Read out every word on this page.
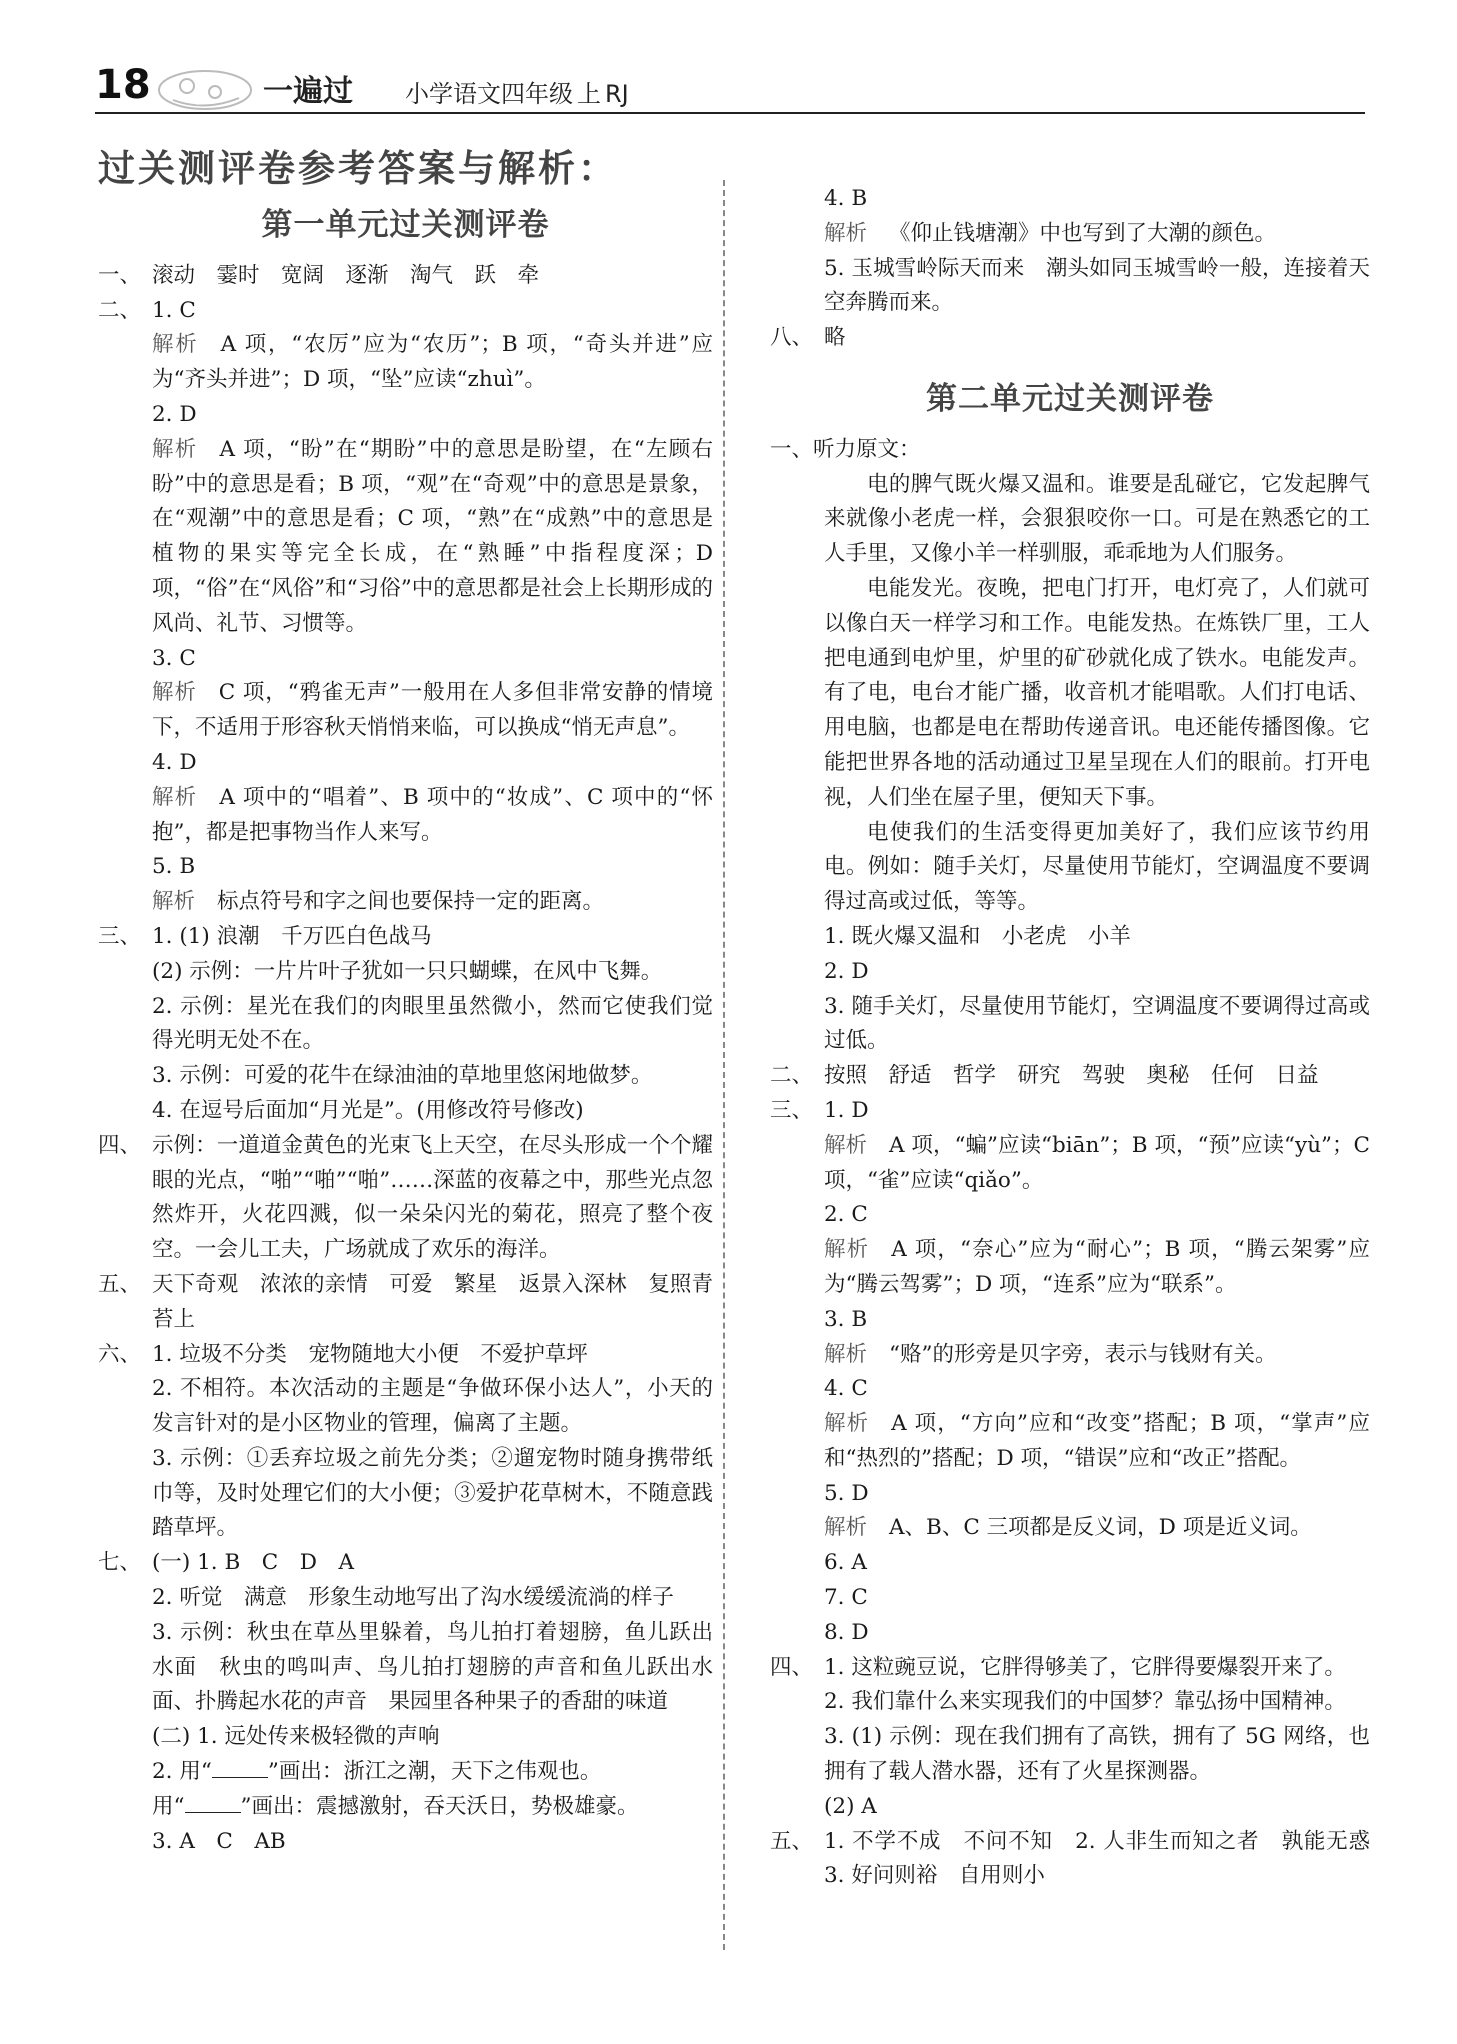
18	一遍过 小学语文四年级 上 RJ
过关测评卷参考答案与解析：
第一单元过关测评卷
一、 滚动　霎时　宽阔　逐渐　淘气　跃　牵
二、 1. C
解析 A 项，“农厉”应为“农历”；B 项，“奇头并进”应为“齐头并进”；D 项，“坠”应读“zhuì”。
2. D
解析 A 项，“盼”在“期盼”中的意思是盼望，在“左顾右盼”中的意思是看；B 项，“观”在“奇观”中的意思是景象，在“观潮”中的意思是看；C 项，“熟”在“成熟”中的意思是植物的果实等完全长成，在“熟睡”中指程度深；D 项，“俗”在“风俗”和“习俗”中的意思都是社会上长期形成的风尚、礼节、习惯等。
3. C
解析 C 项，“鸦雀无声”一般用在人多但非常安静的情境下，不适用于形容秋天悄悄来临，可以换成“悄无声息”。
4. D
解析 A 项中的“唱着”、B 项中的“妆成”、C 项中的“怀抱”，都是把事物当作人来写。
5. B
解析 标点符号和字之间也要保持一定的距离。
三、 1. (1) 浪潮　千万匹白色战马
(2) 示例：一片片叶子犹如一只只蝴蝶，在风中飞舞。
2. 示例：星光在我们的肉眼里虽然微小，然而它使我们觉得光明无处不在。
3. 示例：可爱的花牛在绿油油的草地里悠闲地做梦。
4. 在逗号后面加“月光是”。(用修改符号修改)
四、 示例：一道道金黄色的光束飞上天空，在尽头形成一个个耀眼的光点，“啪”“啪”“啪”……深蓝的夜幕之中，那些光点忽然炸开，火花四溅，似一朵朵闪光的菊花，照亮了整个夜空。一会儿工夫，广场就成了欢乐的海洋。
五、 天下奇观　浓浓的亲情　可爱　繁星　返景入深林　复照青苔上
六、 1. 垃圾不分类　宠物随地大小便　不爱护草坪
2. 不相符。本次活动的主题是“争做环保小达人”，小天的发言针对的是小区物业的管理，偏离了主题。
3. 示例：①丢弃垃圾之前先分类；②遛宠物时随身携带纸巾等，及时处理它们的大小便；③爱护花草树木，不随意践踏草坪。
七、 (一) 1. B　C　D　A
2. 听觉　满意　形象生动地写出了沟水缓缓流淌的样子
3. 示例：秋虫在草丛里躲着，鸟儿拍打着翅膀，鱼儿跃出水面　秋虫的鸣叫声、鸟儿拍打翅膀的声音和鱼儿跃出水面、扑腾起水花的声音　果园里各种果子的香甜的味道
(二) 1. 远处传来极轻微的声响
2. 用“	”画出：浙江之潮，天下之伟观也。
用“	”画出：震撼激射，吞天沃日，势极雄豪。
3. A　C　AB
4. B
解析 《仰止钱塘潮》中也写到了大潮的颜色。
5. 玉城雪岭际天而来　潮头如同玉城雪岭一般，连接着天空奔腾而来。
八、 略
第二单元过关测评卷
一、 听力原文：
电的脾气既火爆又温和。谁要是乱碰它，它发起脾气来就像小老虎一样，会狠狠咬你一口。可是在熟悉它的工人手里，又像小羊一样驯服，乖乖地为人们服务。
电能发光。夜晚，把电门打开，电灯亮了，人们就可以像白天一样学习和工作。电能发热。在炼铁厂里，工人把电通到电炉里，炉里的矿砂就化成了铁水。电能发声。有了电，电台才能广播，收音机才能唱歌。人们打电话、用电脑，也都是电在帮助传递音讯。电还能传播图像。它能把世界各地的活动通过卫星呈现在人们的眼前。打开电视，人们坐在屋子里，便知天下事。
电使我们的生活变得更加美好了，我们应该节约用电。例如：随手关灯，尽量使用节能灯，空调温度不要调得过高或过低，等等。
1. 既火爆又温和　小老虎　小羊
2. D
3. 随手关灯，尽量使用节能灯，空调温度不要调得过高或过低。
二、 按照　舒适　哲学　研究　驾驶　奥秘　任何　日益
三、 1. D
解析 A 项，“蝙”应读“biān”；B 项，“预”应读“yù”；C 项，“雀”应读“qiǎo”。
2. C
解析 A 项，“奈心”应为“耐心”；B 项，“腾云架雾”应为“腾云驾雾”；D 项，“连系”应为“联系”。
3. B
解析 “赂”的形旁是贝字旁，表示与钱财有关。
4. C
解析 A 项，“方向”应和“改变”搭配；B 项，“掌声”应和“热烈的”搭配；D 项，“错误”应和“改正”搭配。
5. D
解析 A、B、C 三项都是反义词，D 项是近义词。
6. A
7. C
8. D
四、 1. 这粒豌豆说，它胖得够美了，它胖得要爆裂开来了。
2. 我们靠什么来实现我们的中国梦？靠弘扬中国精神。
3. (1) 示例：现在我们拥有了高铁，拥有了 5G 网络，也拥有了载人潜水器，还有了火星探测器。
(2) A
五、 1. 不学不成　不问不知　2. 人非生而知之者　孰能无惑　3. 好问则裕　自用则小
